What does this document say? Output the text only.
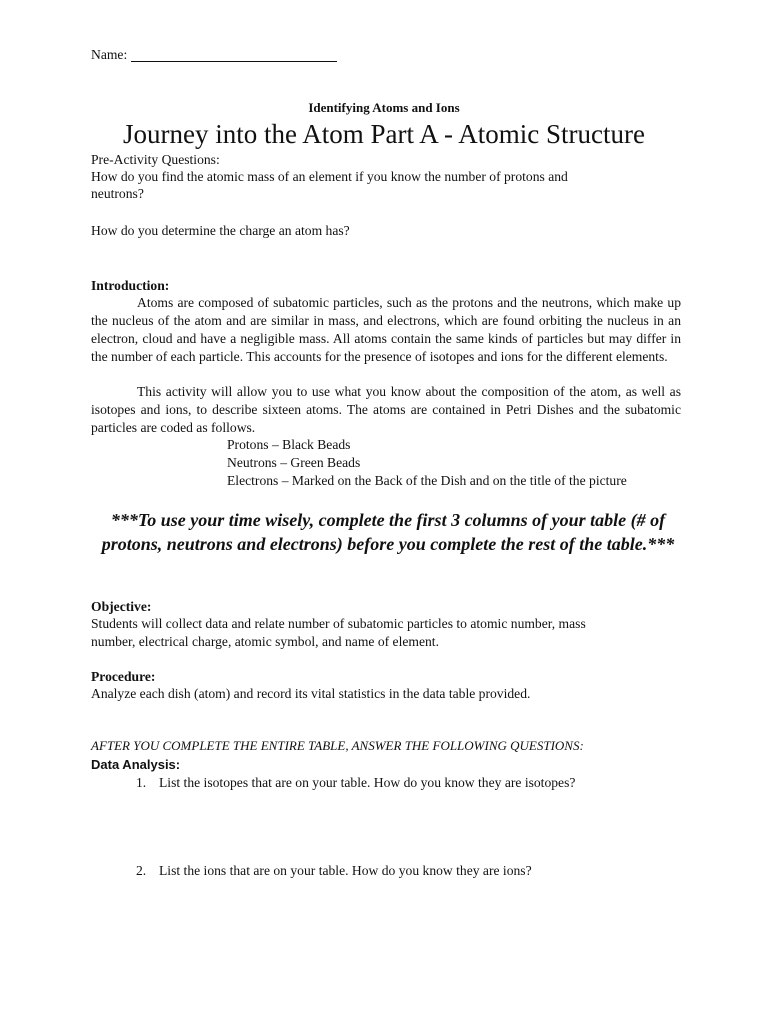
Name:
Identifying Atoms and Ions
Journey into the Atom Part A - Atomic Structure
Pre-Activity Questions:
How do you find the atomic mass of an element if you know the number of protons and
neutrons?
How do you determine the charge an atom has?
Introduction:
Atoms are composed of subatomic particles, such as the protons and the neutrons, which make up the nucleus of the atom and are similar in mass, and electrons, which are found orbiting the nucleus in an electron, cloud and have a negligible mass. All atoms contain the same kinds of particles but may differ in the number of each particle. This accounts for the presence of isotopes and ions for the different elements.
This activity will allow you to use what you know about the composition of the atom, as well as isotopes and ions, to describe sixteen atoms. The atoms are contained in Petri Dishes and the subatomic particles are coded as follows.
Protons – Black Beads
Neutrons – Green Beads
Electrons – Marked on the Back of the Dish and on the title of the picture
***To use your time wisely, complete the first 3 columns of your table (# of protons, neutrons and electrons) before you complete the rest of the table.***
Objective:
Students will collect data and relate number of subatomic particles to atomic number, mass
number, electrical charge, atomic symbol, and name of element.
Procedure:
Analyze each dish (atom) and record its vital statistics in the data table provided.
AFTER YOU COMPLETE THE ENTIRE TABLE, ANSWER THE FOLLOWING QUESTIONS:
Data Analysis:
1. List the isotopes that are on your table. How do you know they are isotopes?
2. List the ions that are on your table. How do you know they are ions?
